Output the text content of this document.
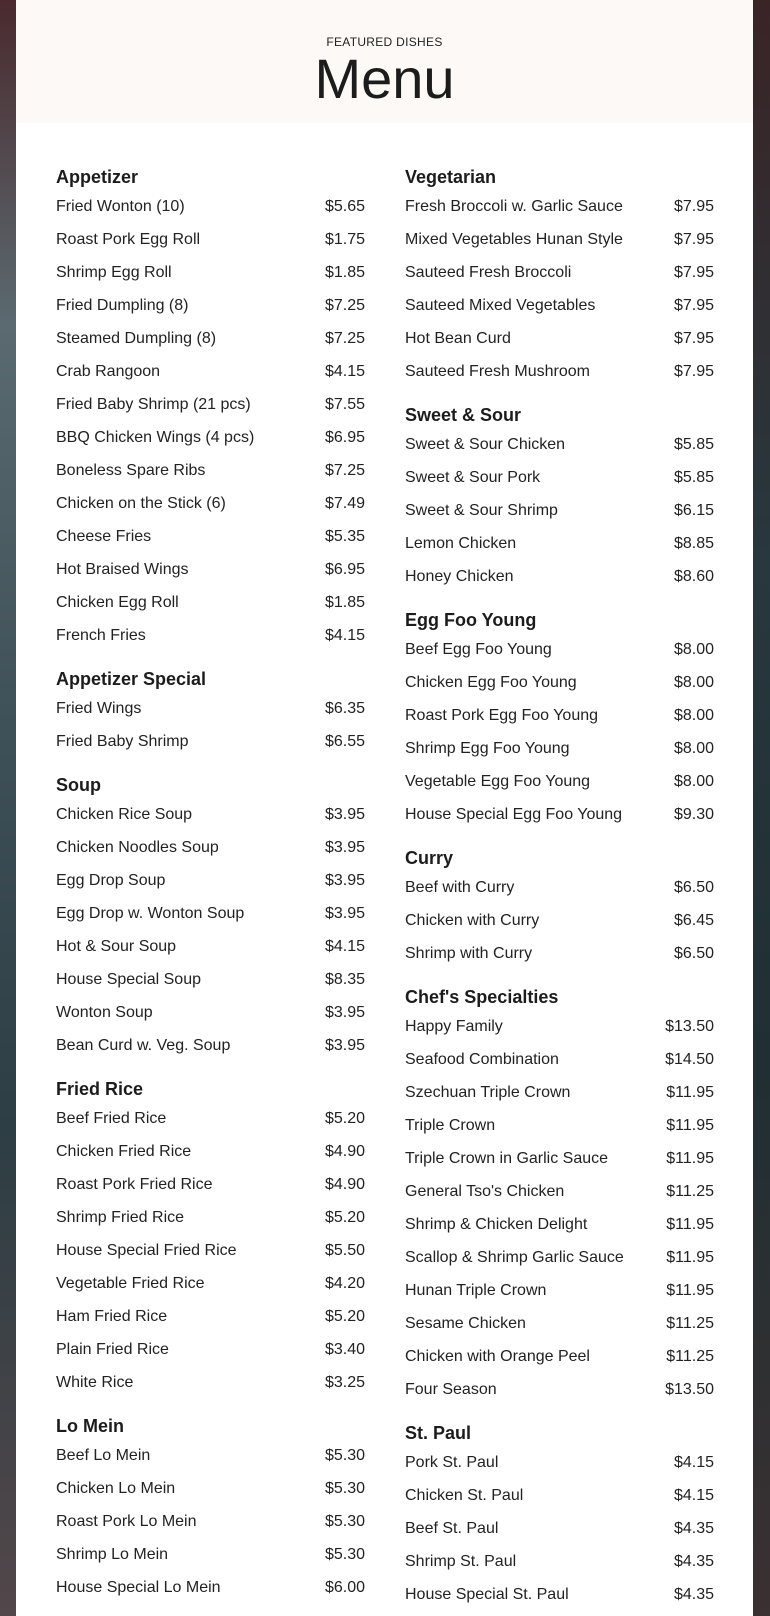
FEATURED DISHES
Menu
Appetizer
Fried Wonton (10)	$5.65
Roast Pork Egg Roll	$1.75
Shrimp Egg Roll	$1.85
Fried Dumpling (8)	$7.25
Steamed Dumpling (8)	$7.25
Crab Rangoon	$4.15
Fried Baby Shrimp (21 pcs)	$7.55
BBQ Chicken Wings (4 pcs)	$6.95
Boneless Spare Ribs	$7.25
Chicken on the Stick (6)	$7.49
Cheese Fries	$5.35
Hot Braised Wings	$6.95
Chicken Egg Roll	$1.85
French Fries	$4.15
Appetizer Special
Fried Wings	$6.35
Fried Baby Shrimp	$6.55
Soup
Chicken Rice Soup	$3.95
Chicken Noodles Soup	$3.95
Egg Drop Soup	$3.95
Egg Drop w. Wonton Soup	$3.95
Hot & Sour Soup	$4.15
House Special Soup	$8.35
Wonton Soup	$3.95
Bean Curd w. Veg. Soup	$3.95
Fried Rice
Beef Fried Rice	$5.20
Chicken Fried Rice	$4.90
Roast Pork Fried Rice	$4.90
Shrimp Fried Rice	$5.20
House Special Fried Rice	$5.50
Vegetable Fried Rice	$4.20
Ham Fried Rice	$5.20
Plain Fried Rice	$3.40
White Rice	$3.25
Lo Mein
Beef Lo Mein	$5.30
Chicken Lo Mein	$5.30
Roast Pork Lo Mein	$5.30
Shrimp Lo Mein	$5.30
House Special Lo Mein	$6.00
Vegetarian
Fresh Broccoli w. Garlic Sauce	$7.95
Mixed Vegetables Hunan Style	$7.95
Sauteed Fresh Broccoli	$7.95
Sauteed Mixed Vegetables	$7.95
Hot Bean Curd	$7.95
Sauteed Fresh Mushroom	$7.95
Sweet & Sour
Sweet & Sour Chicken	$5.85
Sweet & Sour Pork	$5.85
Sweet & Sour Shrimp	$6.15
Lemon Chicken	$8.85
Honey Chicken	$8.60
Egg Foo Young
Beef Egg Foo Young	$8.00
Chicken Egg Foo Young	$8.00
Roast Pork Egg Foo Young	$8.00
Shrimp Egg Foo Young	$8.00
Vegetable Egg Foo Young	$8.00
House Special Egg Foo Young	$9.30
Curry
Beef with Curry	$6.50
Chicken with Curry	$6.45
Shrimp with Curry	$6.50
Chef's Specialties
Happy Family	$13.50
Seafood Combination	$14.50
Szechuan Triple Crown	$11.95
Triple Crown	$11.95
Triple Crown in Garlic Sauce	$11.95
General Tso's Chicken	$11.25
Shrimp & Chicken Delight	$11.95
Scallop & Shrimp Garlic Sauce	$11.95
Hunan Triple Crown	$11.95
Sesame Chicken	$11.25
Chicken with Orange Peel	$11.25
Four Season	$13.50
St. Paul
Pork St. Paul	$4.15
Chicken St. Paul	$4.15
Beef St. Paul	$4.35
Shrimp St. Paul	$4.35
House Special St. Paul	$4.35
